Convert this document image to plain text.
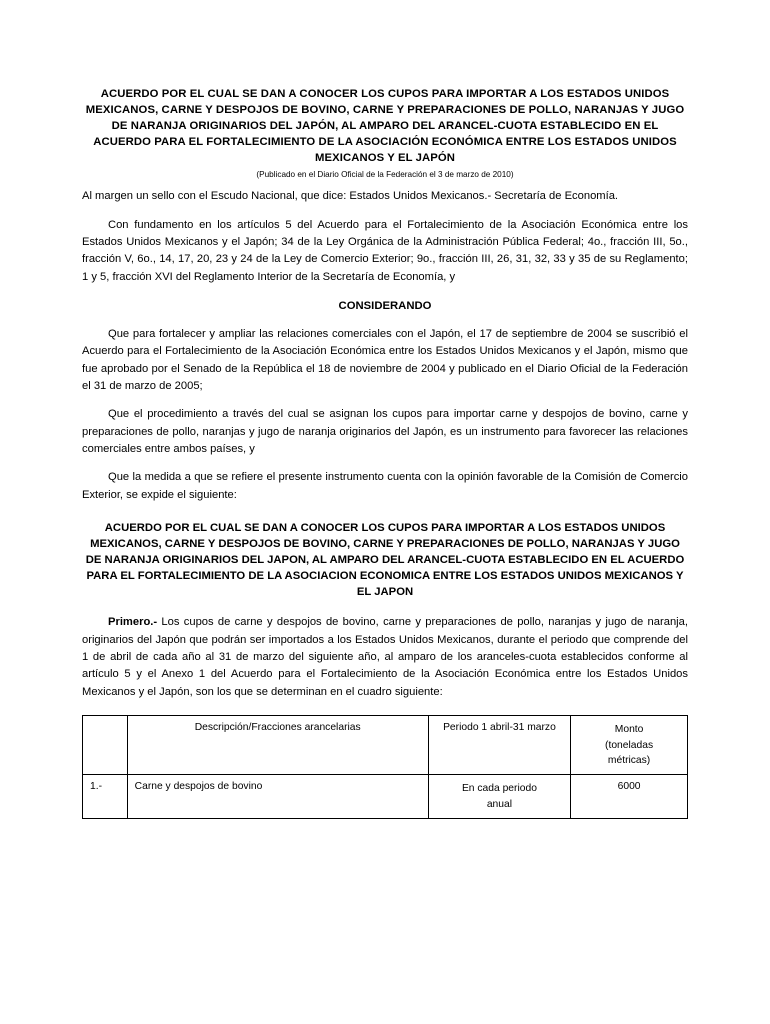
ACUERDO POR EL CUAL SE DAN A CONOCER LOS CUPOS PARA IMPORTAR A LOS ESTADOS UNIDOS MEXICANOS, CARNE Y DESPOJOS DE BOVINO, CARNE Y PREPARACIONES DE POLLO, NARANJAS Y JUGO DE NARANJA ORIGINARIOS DEL JAPÓN, AL AMPARO DEL ARANCEL-CUOTA ESTABLECIDO EN EL ACUERDO PARA EL FORTALECIMIENTO DE LA ASOCIACIÓN ECONÓMICA ENTRE LOS ESTADOS UNIDOS MEXICANOS Y EL JAPÓN
(Publicado en el Diario Oficial de la Federación el 3 de marzo de 2010)

Al margen un sello con el Escudo Nacional, que dice: Estados Unidos Mexicanos.- Secretaría de Economía.

Con fundamento en los artículos 5 del Acuerdo para el Fortalecimiento de la Asociación Económica entre los Estados Unidos Mexicanos y el Japón; 34 de la Ley Orgánica de la Administración Pública Federal; 4o., fracción III, 5o., fracción V, 6o., 14, 17, 20, 23 y 24 de la Ley de Comercio Exterior; 9o., fracción III, 26, 31, 32, 33 y 35 de su Reglamento; 1 y 5, fracción XVI del Reglamento Interior de la Secretaría de Economía, y

CONSIDERANDO

Que para fortalecer y ampliar las relaciones comerciales con el Japón, el 17 de septiembre de 2004 se suscribió el Acuerdo para el Fortalecimiento de la Asociación Económica entre los Estados Unidos Mexicanos y el Japón, mismo que fue aprobado por el Senado de la República el 18 de noviembre de 2004 y publicado en el Diario Oficial de la Federación el 31 de marzo de 2005;

Que el procedimiento a través del cual se asignan los cupos para importar carne y despojos de bovino, carne y preparaciones de pollo, naranjas y jugo de naranja originarios del Japón, es un instrumento para favorecer las relaciones comerciales entre ambos países, y

Que la medida a que se refiere el presente instrumento cuenta con la opinión favorable de la Comisión de Comercio Exterior, se expide el siguiente:

ACUERDO POR EL CUAL SE DAN A CONOCER LOS CUPOS PARA IMPORTAR A LOS ESTADOS UNIDOS MEXICANOS, CARNE Y DESPOJOS DE BOVINO, CARNE Y PREPARACIONES DE POLLO, NARANJAS Y JUGO DE NARANJA ORIGINARIOS DEL JAPON, AL AMPARO DEL ARANCEL-CUOTA ESTABLECIDO EN EL ACUERDO PARA EL FORTALECIMIENTO DE LA ASOCIACION ECONOMICA ENTRE LOS ESTADOS UNIDOS MEXICANOS Y EL JAPON

Primero.- Los cupos de carne y despojos de bovino, carne y preparaciones de pollo, naranjas y jugo de naranja, originarios del Japón que podrán ser importados a los Estados Unidos Mexicanos, durante el periodo que comprende del 1 de abril de cada año al 31 de marzo del siguiente año, al amparo de los aranceles-cuota establecidos conforme al artículo 5 y el Anexo 1 del Acuerdo para el Fortalecimiento de la Asociación Económica entre los Estados Unidos Mexicanos y el Japón, son los que se determinan en el cuadro siguiente:

	Descripción/Fracciones arancelarias	Periodo 1 abril-31 marzo	Monto
(toneladas
métricas)

1.-	Carne y despojos de bovino	En cada periodo
anual	6000
